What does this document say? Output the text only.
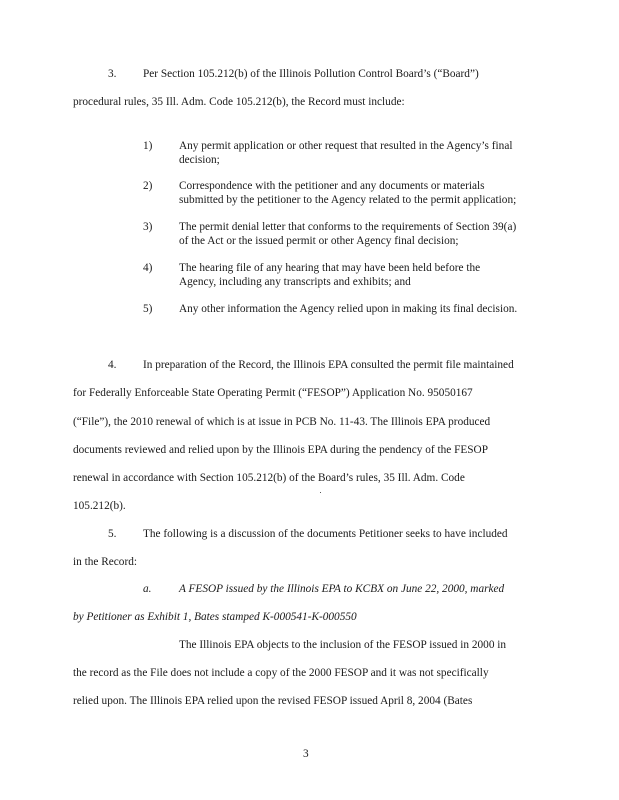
3. Per Section 105.212(b) of the Illinois Pollution Control Board’s (“Board”)
procedural rules, 35 Ill. Adm. Code 105.212(b), the Record must include:
1) Any permit application or other request that resulted in the Agency’s final
decision;
2) Correspondence with the petitioner and any documents or materials
submitted by the petitioner to the Agency related to the permit application;
3) The permit denial letter that conforms to the requirements of Section 39(a)
of the Act or the issued permit or other Agency final decision;
4) The hearing file of any hearing that may have been held before the
Agency, including any transcripts and exhibits; and
5) Any other information the Agency relied upon in making its final decision.
4. In preparation of the Record, the Illinois EPA consulted the permit file maintained
for Federally Enforceable State Operating Permit (“FESOP”) Application No. 95050167
(“File”), the 2010 renewal of which is at issue in PCB No. 11-43. The Illinois EPA produced
documents reviewed and relied upon by the Illinois EPA during the pendency of the FESOP
renewal in accordance with Section 105.212(b) of the Board’s rules, 35 Ill. Adm. Code
105.212(b).
5. The following is a discussion of the documents Petitioner seeks to have included
in the Record:
a. A FESOP issued by the Illinois EPA to KCBX on June 22, 2000, marked
by Petitioner as Exhibit 1, Bates stamped K-000541-K-000550
The Illinois EPA objects to the inclusion of the FESOP issued in 2000 in
the record as the File does not include a copy of the 2000 FESOP and it was not specifically
relied upon. The Illinois EPA relied upon the revised FESOP issued April 8, 2004 (Bates
3
